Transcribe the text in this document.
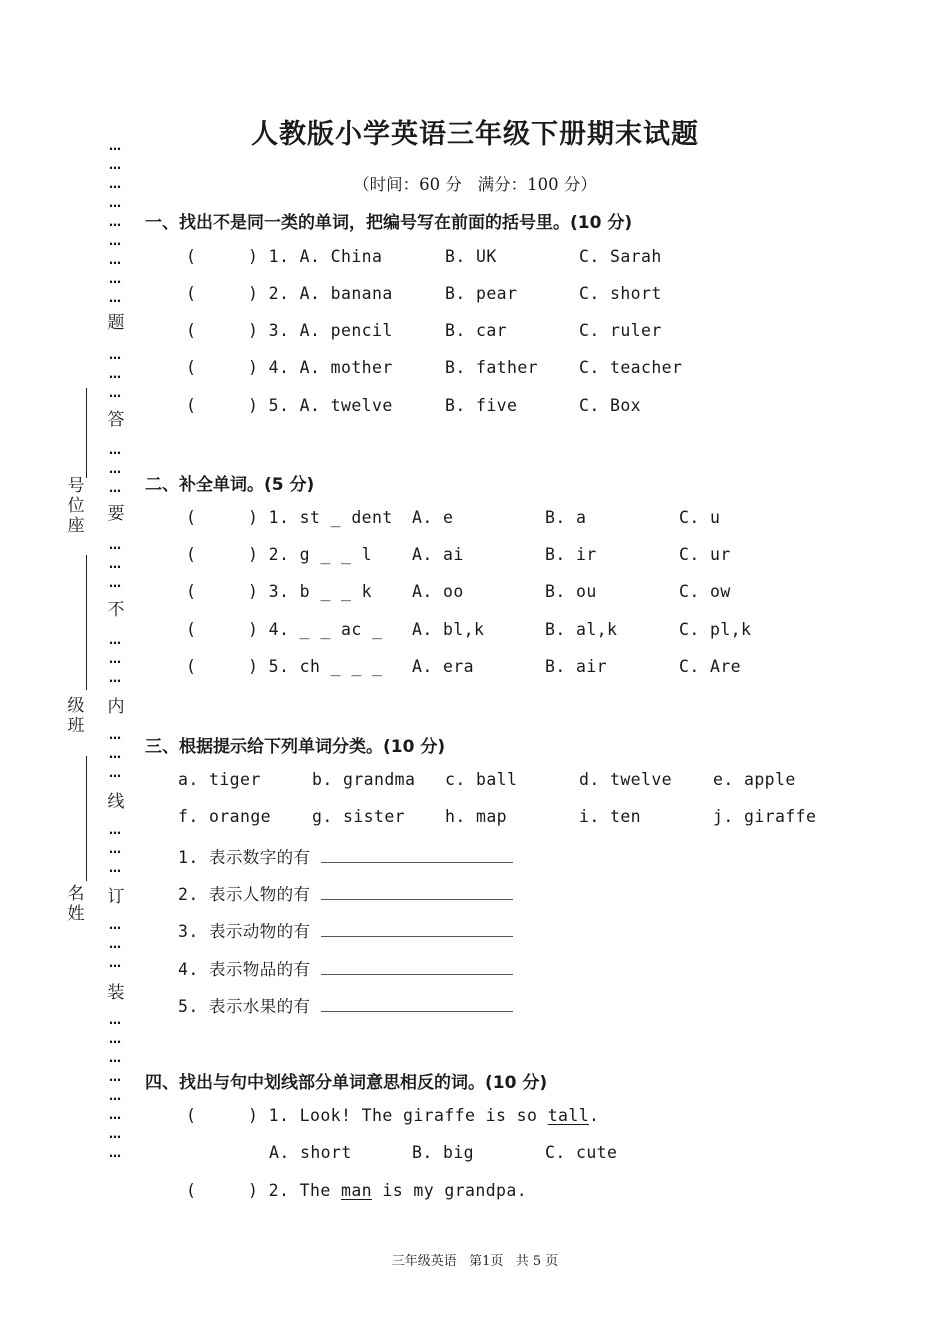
人教版小学英语三年级下册期末试题
（时间：60 分   满分：100 分）
…
…
…
…
…
…
…
…
…
…
…
…
…
…
…
…
…
…
…
…
…
…
…
…
…
…
…
…
…
…
…
…
…
…
…
…
…
…
题
答
要
不
内
线
订
装
号位座
级班
名姓
一、找出不是同一类的单词，把编号写在前面的括号里。(10 分)
(     ) 1. A. China	B. UK	C. Sarah
(     ) 2. A. banana	B. pear	C. short
(     ) 3. A. pencil	B. car	C. ruler
(     ) 4. A. mother	B. father C. teacher
(     ) 5. A. twelve	B. five	C. Box
二、补全单词。(5 分)
(     ) 1. st _ dent A. e	B. a	C. u
(     ) 2. g _ _ l A. ai	B. ir	C. ur
(     ) 3. b _ _ k A. oo	B. ou	C. ow
(     ) 4. _ _ ac _ A. bl,k	B. al,k	C. pl,k
(     ) 5. ch _ _ _ A. era	B. air	C. Are
三、根据提示给下列单词分类。(10 分)
a. tiger	b. grandma c. ball	d. twelve e. apple
f. orange g. sister h. map	i. ten	j. giraffe
1. 表示数字的有
2. 表示人物的有
3. 表示动物的有
4. 表示物品的有
5. 表示水果的有
四、找出与句中划线部分单词意思相反的词。(10 分)
(     ) 1. Look! The giraffe is so tall.
A. short	B. big	C. cute
(     ) 2. The man is my grandpa.
三年级英语   第1页   共 5 页
